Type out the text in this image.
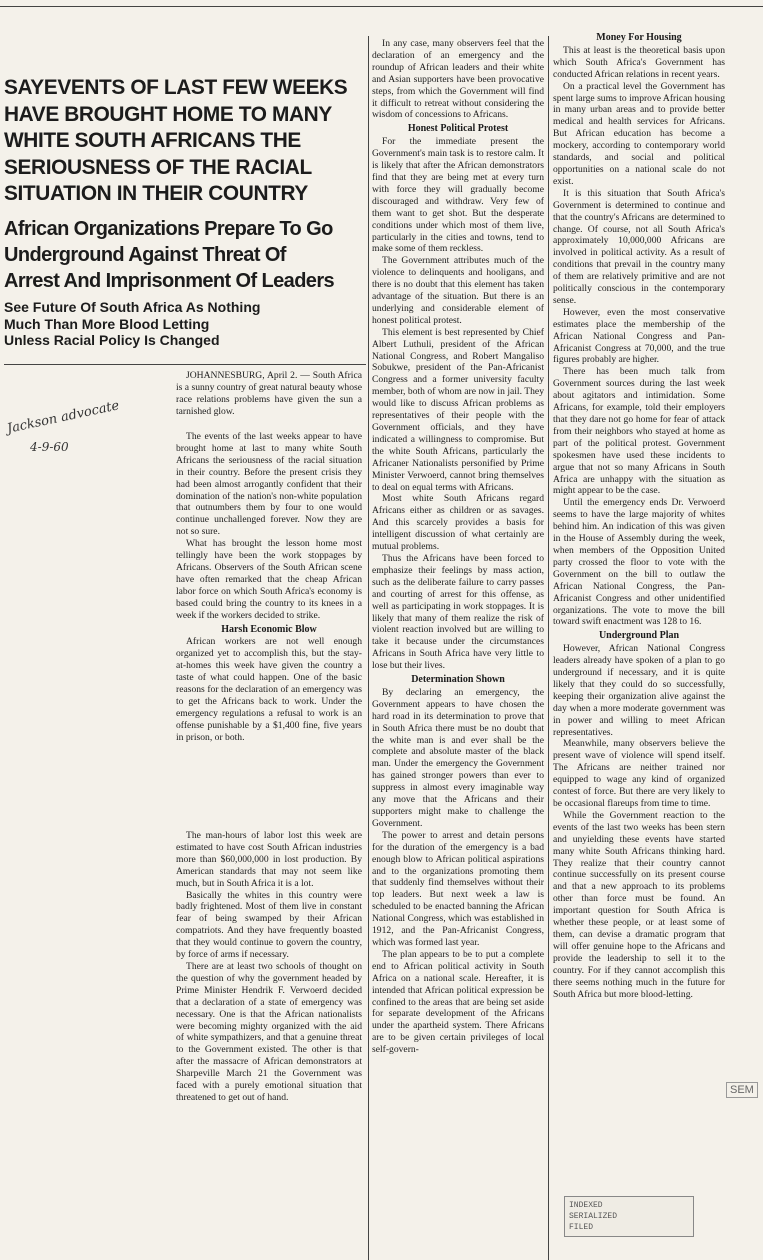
SAYEVENTS OF LAST FEW WEEKS
HAVE BROUGHT HOME TO MANY
WHITE SOUTH AFRICANS THE
SERIOUSNESS OF THE RACIAL
SITUATION IN THEIR COUNTRY
African Organizations Prepare To Go
Underground Against Threat Of
Arrest And Imprisonment Of Leaders
See Future Of South Africa As Nothing
Much Than More Blood Letting
Unless Racial Policy Is Changed
Jackson advocate
4-9-60

JOHANNESBURG, April 2. — South Africa is a sunny country of great natural beauty whose race relations problems have given the sun a tarnished glow.

The events of the last weeks appear to have brought home at last to many white South Africans the seriousness of the racial situation in their country. Before the present crisis they had been almost arrogantly confident that their domination of the nation's non-white population that outnumbers them by four to one would continue unchallenged forever. Now they are not so sure.

What has brought the lesson home most tellingly have been the work stoppages by Africans. Observers of the South African scene have often remarked that the cheap African labor force on which South Africa's economy is based could bring the country to its knees in a week if the workers decided to strike.

Harsh Economic Blow

African workers are not well enough organized yet to accomplish this, but the stay-at-homes this week have given the country a taste of what could happen. One of the basic reasons for the declaration of an emergency was to get the Africans back to work. Under the emergency regulations a refusal to work is an offense punishable by a $1,400 fine, five years in prison, or both.

The man-hours of labor lost this week are estimated to have cost South African industries more than $60,000,000 in lost production. By American standards that may not seem like much, but in South Africa it is a lot.

Basically the whites in this country were badly frightened. Most of them live in constant fear of being swamped by their African compatriots. And they have frequently boasted that they would continue to govern the country, by force of arms if necessary.

There are at least two schools of thought on the question of why the government headed by Prime Minister Hendrik F. Verwoerd decided that a declaration of a state of emergency was necessary. One is that the African nationalists were becoming mighty organized with the aid of white sympathizers, and that a genuine threat to the Government existed. The other is that after the massacre of African demonstrators at Sharpeville March 21 the Government was faced with a purely emotional situation that threatened to get out of hand.

In any case, many observers feel that the declaration of an emergency and the roundup of African leaders and their white and Asian supporters have been provocative steps, from which the Government will find it difficult to retreat without considering the wisdom of concessions to Africans.

Honest Political Protest

For the immediate present the Government's main task is to restore calm. It is likely that after the African demonstrators find that they are being met at every turn with force they will gradually become discouraged and withdraw. Very few of them want to get shot. But the desperate conditions under which most of them live, particularly in the cities and towns, tend to make some of them reckless.

The Government attributes much of the violence to delinquents and hooligans, and there is no doubt that this element has taken advantage of the situation. But there is an underlying and considerable element of honest political protest.

This element is best represented by Chief Albert Luthuli, president of the African National Congress, and Robert Mangaliso Sobukwe, president of the Pan-Africanist Congress and a former university faculty member, both of whom are now in jail. They would like to discuss African problems as representatives of their people with the Government officials, and they have indicated a willingness to compromise. But the white South Africans, particularly the Africaner Nationalists personified by Prime Minister Verwoerd, cannot bring themselves to deal on equal terms with Africans.

Most white South Africans regard Africans either as children or as savages. And this scarcely provides a basis for intelligent discussion of what certainly are mutual problems.

Thus the Africans have been forced to emphasize their feelings by mass action, such as the deliberate failure to carry passes and courting of arrest for this offense, as well as participating in work stoppages. It is likely that many of them realize the risk of violent reaction involved but are willing to take it because under the circumstances Africans in South Africa have very little to lose but their lives.

Determination Shown

By declaring an emergency, the Government appears to have chosen the hard road in its determination to prove that in South Africa there must be no doubt that the white man is and ever shall be the complete and absolute master of the black man. Under the emergency the Government has gained stronger powers than ever to suppress in almost every imaginable way any move that the Africans and their supporters might make to challenge the Government.

The power to arrest and detain persons for the duration of the emergency is a bad enough blow to African political aspirations and to the organizations promoting them that suddenly find themselves without their top leaders. But next week a law is scheduled to be enacted banning the African National Congress, which was established in 1912, and the Pan-Africanist Congress, which was formed last year.

The plan appears to be to put a complete end to African political activity in South Africa on a national scale. Hereafter, it is intended that African political expression be confined to the areas that are being set aside for separate development of the Africans under the apartheid system. There Africans are to be given certain privileges of local self-govern-

Money For Housing

This at least is the theoretical basis upon which South Africa's Government has conducted African relations in recent years.

On a practical level the Government has spent large sums to improve African housing in many urban areas and to provide better medical and health services for Africans. But African education has become a mockery, according to contemporary world standards, and social and political opportunities on a national scale do not exist.

It is this situation that South Africa's Government is determined to continue and that the country's Africans are determined to change. Of course, not all South Africa's approximately 10,000,000 Africans are involved in political activity. As a result of conditions that prevail in the country many of them are relatively primitive and are not politically conscious in the contemporary sense.

However, even the most conservative estimates place the membership of the African National Congress and Pan-Africanist Congress at 70,000, and the true figures probably are higher.

There has been much talk from Government sources during the last week about agitators and intimidation. Some Africans, for example, told their employers that they dare not go home for fear of attack from their neighbors who stayed at home as part of the political protest. Government spokesmen have used these incidents to argue that not so many Africans in South Africa are unhappy with the situation as might appear to be the case.

Until the emergency ends Dr. Verwoerd seems to have the large majority of whites behind him. An indication of this was given in the House of Assembly during the week, when members of the Opposition United party crossed the floor to vote with the Government on the bill to outlaw the African National Congress, the Pan-Africanist Congress and other unidentified organizations. The vote to move the bill toward swift enactment was 128 to 16.

Underground Plan

However, African National Congress leaders already have spoken of a plan to go underground if necessary, and it is quite likely that they could do so successfully, keeping their organization alive against the day when a more moderate government was in power and willing to meet African representatives.

Meanwhile, many observers believe the present wave of violence will spend itself. The Africans are neither trained nor equipped to wage any kind of organized contest of force. But there are very likely to be occasional flareups from time to time.

While the Government reaction to the events of the last two weeks has been stern and unyielding these events have started many white South Africans thinking hard. They realize that their country cannot continue successfully on its present course and that a new approach to its problems other than force must be found. An important question for South Africa is whether these people, or at least some of them, can devise a dramatic program that will offer genuine hope to the Africans and provide the leadership to sell it to the country. For if they cannot accomplish this there seems nothing much in the future for South Africa but more blood-letting.

INDEXED
SERIALIZED
FILED
SEM
